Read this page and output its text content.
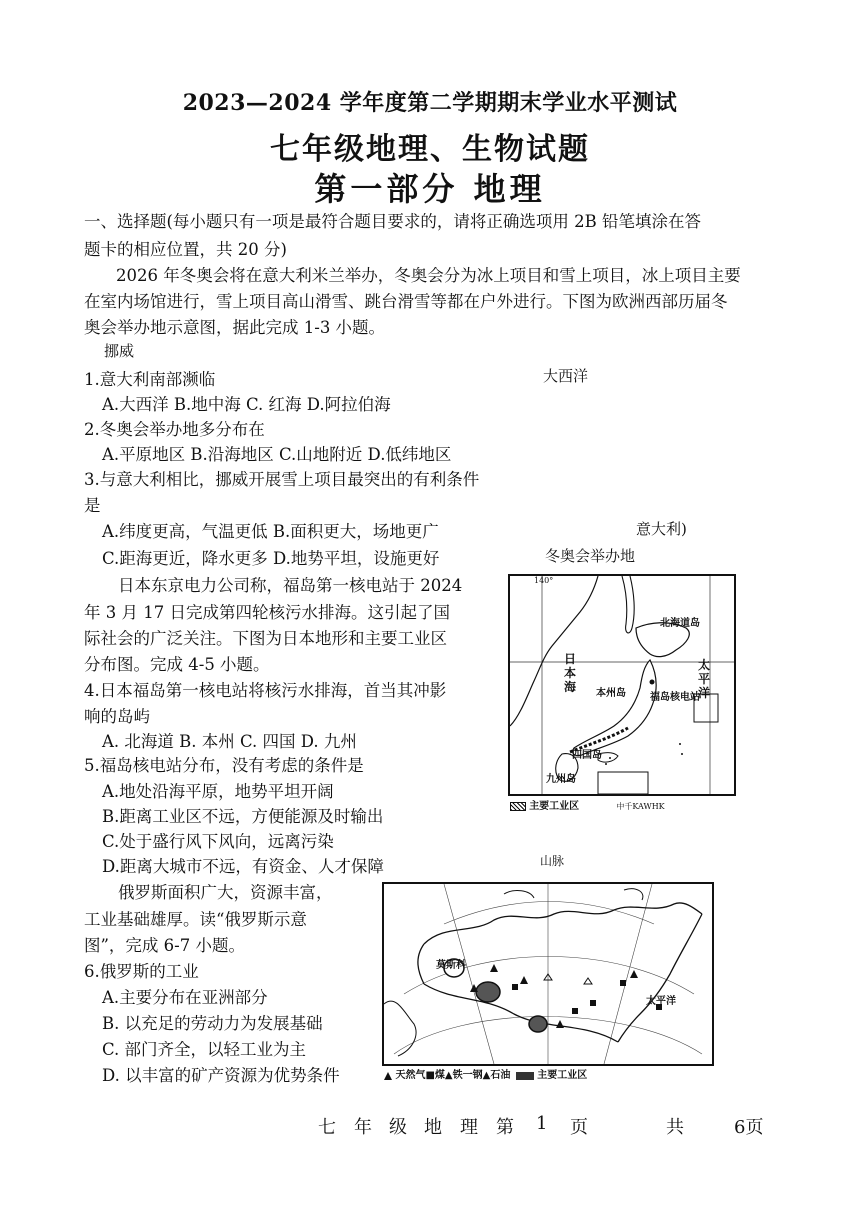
2023—2024 学年度第二学期期末学业水平测试
七年级地理、生物试题
第一部分 地理
一、选择题(每小题只有一项是最符合题目要求的，请将正确选项用 2B 铅笔填涂在答
题卡的相应位置，共 20 分)
2026 年冬奥会将在意大利米兰举办，冬奥会分为冰上项目和雪上项目，冰上项目主要
在室内场馆进行，雪上项目高山滑雪、跳台滑雪等都在户外进行。下图为欧洲西部历届冬
奥会举办地示意图，据此完成 1-3 小题。
挪威
大西洋
意大利)
冬奥会举办地
1.意大利南部濒临
A.大西洋 B.地中海 C. 红海 D.阿拉伯海
2.冬奥会举办地多分布在
A.平原地区 B.沿海地区 C.山地附近 D.低纬地区
3.与意大利相比，挪威开展雪上项目最突出的有利条件
是
A.纬度更高，气温更低 B.面积更大，场地更广
C.距海更近，降水更多 D.地势平坦，设施更好
日本东京电力公司称，福岛第一核电站于 2024
年 3 月 17 日完成第四轮核污水排海。这引起了国
际社会的广泛关注。下图为日本地形和主要工业区
分布图。完成 4-5 小题。
140°
北海道岛
本州岛 福岛核电站
四国岛
九州岛
日
本
海
太
平
洋
主要工业区	中千KAWHK
山脉
4.日本福岛第一核电站将核污水排海，首当其冲影
响的岛屿
A. 北海道 B. 本州 C. 四国 D. 九州
5.福岛核电站分布，没有考虑的条件是
A.地处沿海平原，地势平坦开阔
B.距离工业区不远，方便能源及时输出
C.处于盛行风下风向，远离污染
D.距离大城市不远，有资金、人才保障
俄罗斯面积广大，资源丰富，
工业基础雄厚。读“俄罗斯示意
图”，完成 6-7 小题。
莫斯科
太平洋
天然气■煤▲铁一钢▲石油	主要工业区
6.俄罗斯的工业
A.主要分布在亚洲部分
B. 以充足的劳动力为发展基础
C. 部门齐全，以轻工业为主
D. 以丰富的矿产资源为优势条件
七 年 级 地 理 第 1 页	共	6页
